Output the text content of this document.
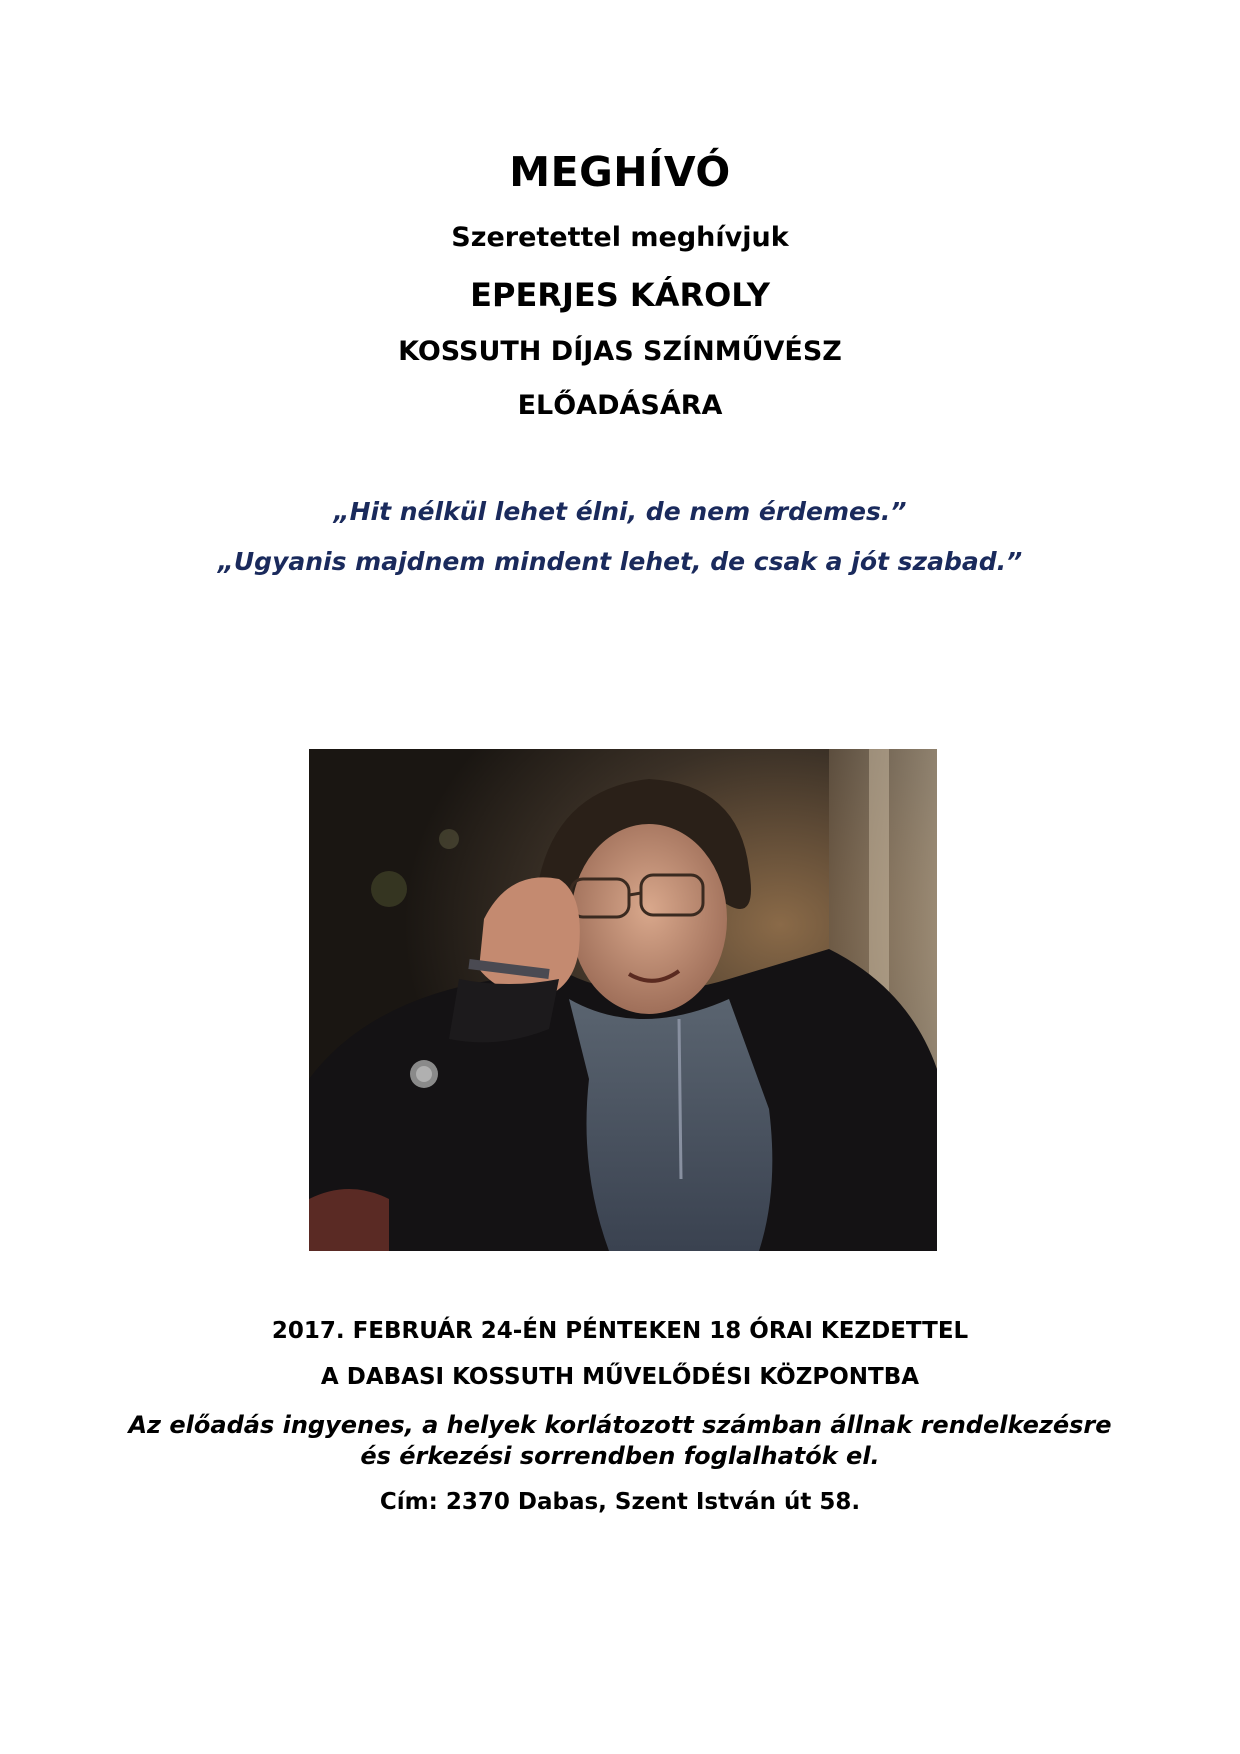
MEGHÍVÓ
Szeretettel meghívjuk
EPERJES KÁROLY
KOSSUTH DÍJAS SZÍNMŰVÉSZ
ELŐADÁSÁRA
„Hit nélkül lehet élni, de nem érdemes.”
„Ugyanis majdnem mindent lehet, de csak a jót szabad.”
2017. FEBRUÁR 24-ÉN PÉNTEKEN 18 ÓRAI KEZDETTEL
A DABASI KOSSUTH MŰVELŐDÉSI KÖZPONTBA
Az előadás ingyenes, a helyek korlátozott számban állnak rendelkezésre
és érkezési sorrendben foglalhatók el.
Cím: 2370 Dabas, Szent István út 58.
